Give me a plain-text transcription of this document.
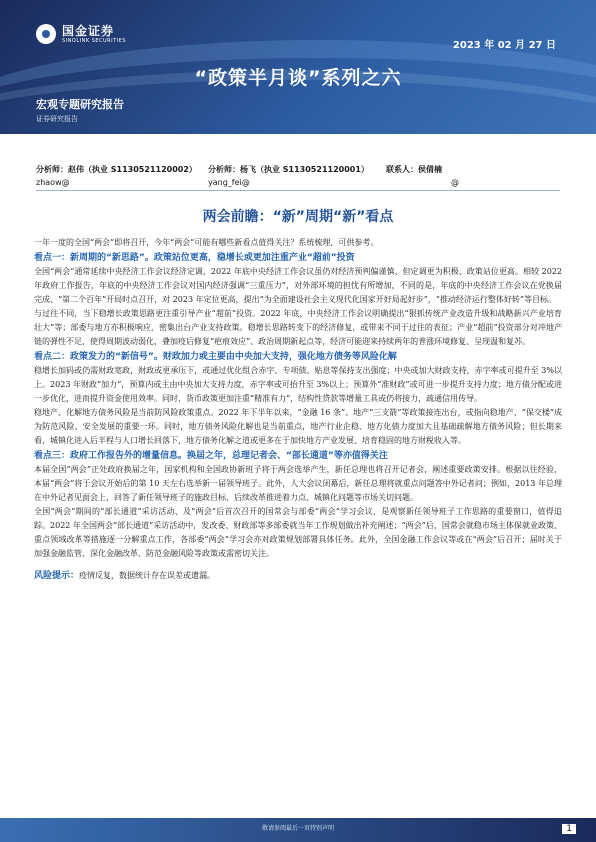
国金证券
SINOLINK SECURITIES	2023 年 02 月 27 日
“政策半月谈”系列之六
宏观专题研究报告
证券研究报告
分析师：赵伟（执业 S1130521120002）
zhaow@
分析师：杨飞（执业 S1130521120001）
yang_fei@
联系人：侯倩楠
@
两会前瞻：“新”周期“新”看点

一年一度的全国“两会”即将召开，今年“两会”可能有哪些新看点值得关注？系统梳理，可供参考。

看点一：新周期的“新思路”。政策站位更高，稳增长或更加注重产业“超前”投资

全国“两会”通常延续中央经济工作会议经济定调，2022 年底中央经济工作会议虽仍对经济预判偏谨慎、但定调更为积极、政策站位更高。相较 2022 年政府工作报告，年底的中央经济工作会议对国内经济强调“三重压力”，对外部环境的担忧有所增加，不同的是，年底的中央经济工作会议在党换届完成、“第二个百年”开局时点召开，对 2023 年定位更高，提出“为全面建设社会主义现代化国家开好局起好步”，“推动经济运行整体好转”等目标。

与过往不同，当下稳增长政策思路更注重引导产业“超前”投资。2022 年底，中央经济工作会议明确提出“狠抓传统产业改造升级和战略新兴产业培育壮大”等；部委与地方亦积极响应，密集出台产业支持政策。稳增长思路转变下的经济修复，或带来不同于过往的表征；产业“超前”投资部分对冲地产链的弹性不足，使得周期波动弱化，叠加疫后修复“疤痕效应”、政治周期新起点等，经济可能迎来持续两年的普涨环境修复、呈现温和复苏。

看点二：政策发力的“新信号”。财政加力或主要由中央加大支持，强化地方债务等风险化解

稳增长加码或仍需财政宽政，财政或更承压下，或通过优化组合赤字、专项债、贴息等保持支出强度；中央或加大财政支持，赤字率或可提升至 3%以上。2023 年财政“加力”，预算内或主由中央加大支持力度，赤字率或可抬升至 3%以上；预算外“准财政”或可进一步提升支持力度；地方债分配或进一步优化，进而提升资金使用效率。同时，货币政策更加注重“精准有力”，结构性贷款等增量工具或仍将接力，疏通信用传导。

稳地产、化解地方债务风险是当前防风险政策重点。2022 年下半年以来，“金融 16 条”、地产“三支箭”等政策接连出台，或指向稳地产、“保交楼”成为防范风险、安全发展的重要一环。同时，地方债务风险化解也是当前重点，地产行业企稳、地方化债力度加大且基础疏解地方债务风险；但长期来看，城镇化进入后半程与人口增长回落下，地方债务化解之道或更多在于加快地方产业发展、培育稳固的地方财税收入等。

看点三：政府工作报告外的增量信息。换届之年，总理记者会、“部长通道”等亦值得关注

本届全国“两会”正处政府换届之年，国家机构和全国政协新班子将于两会选举产生，新任总理也将召开记者会，阐述重要政策安排。根据以往经验，本届“两会”将于会议开始后的第 10 天左右选举新一届领导班子。此外，人大会议闭幕后，新任总理将就重点问题答中外记者问；例如，2013 年总理在中外记者见面会上，回答了新任领导班子的施政目标、后续改革推进着力点、城镇化问题等市场关切问题。

全国“两会”期间的“部长通道”采访活动、及“两会”后首次召开的国常会与部委“两会”学习会议，是观察新任领导班子工作思路的重要窗口，值得追踪。2022 年全国两会“部长通道”采访活动中，发改委、财政部等多部委就当年工作规划做出补充阐述；“两会”后，国常会就稳市场主体保就业政策、重点领域改革等措施逐一分解重点工作，各部委“两会”学习会亦对政策规划部署具体任务。此外，全国金融工作会议等或在“两会”后召开；届时关于加强金融监管、深化金融改革、防范金融风险等政策或需密切关注。

风险提示：疫情反复，数据统计存在误差或遗漏。
敬请参阅最后一页特别声明	1
